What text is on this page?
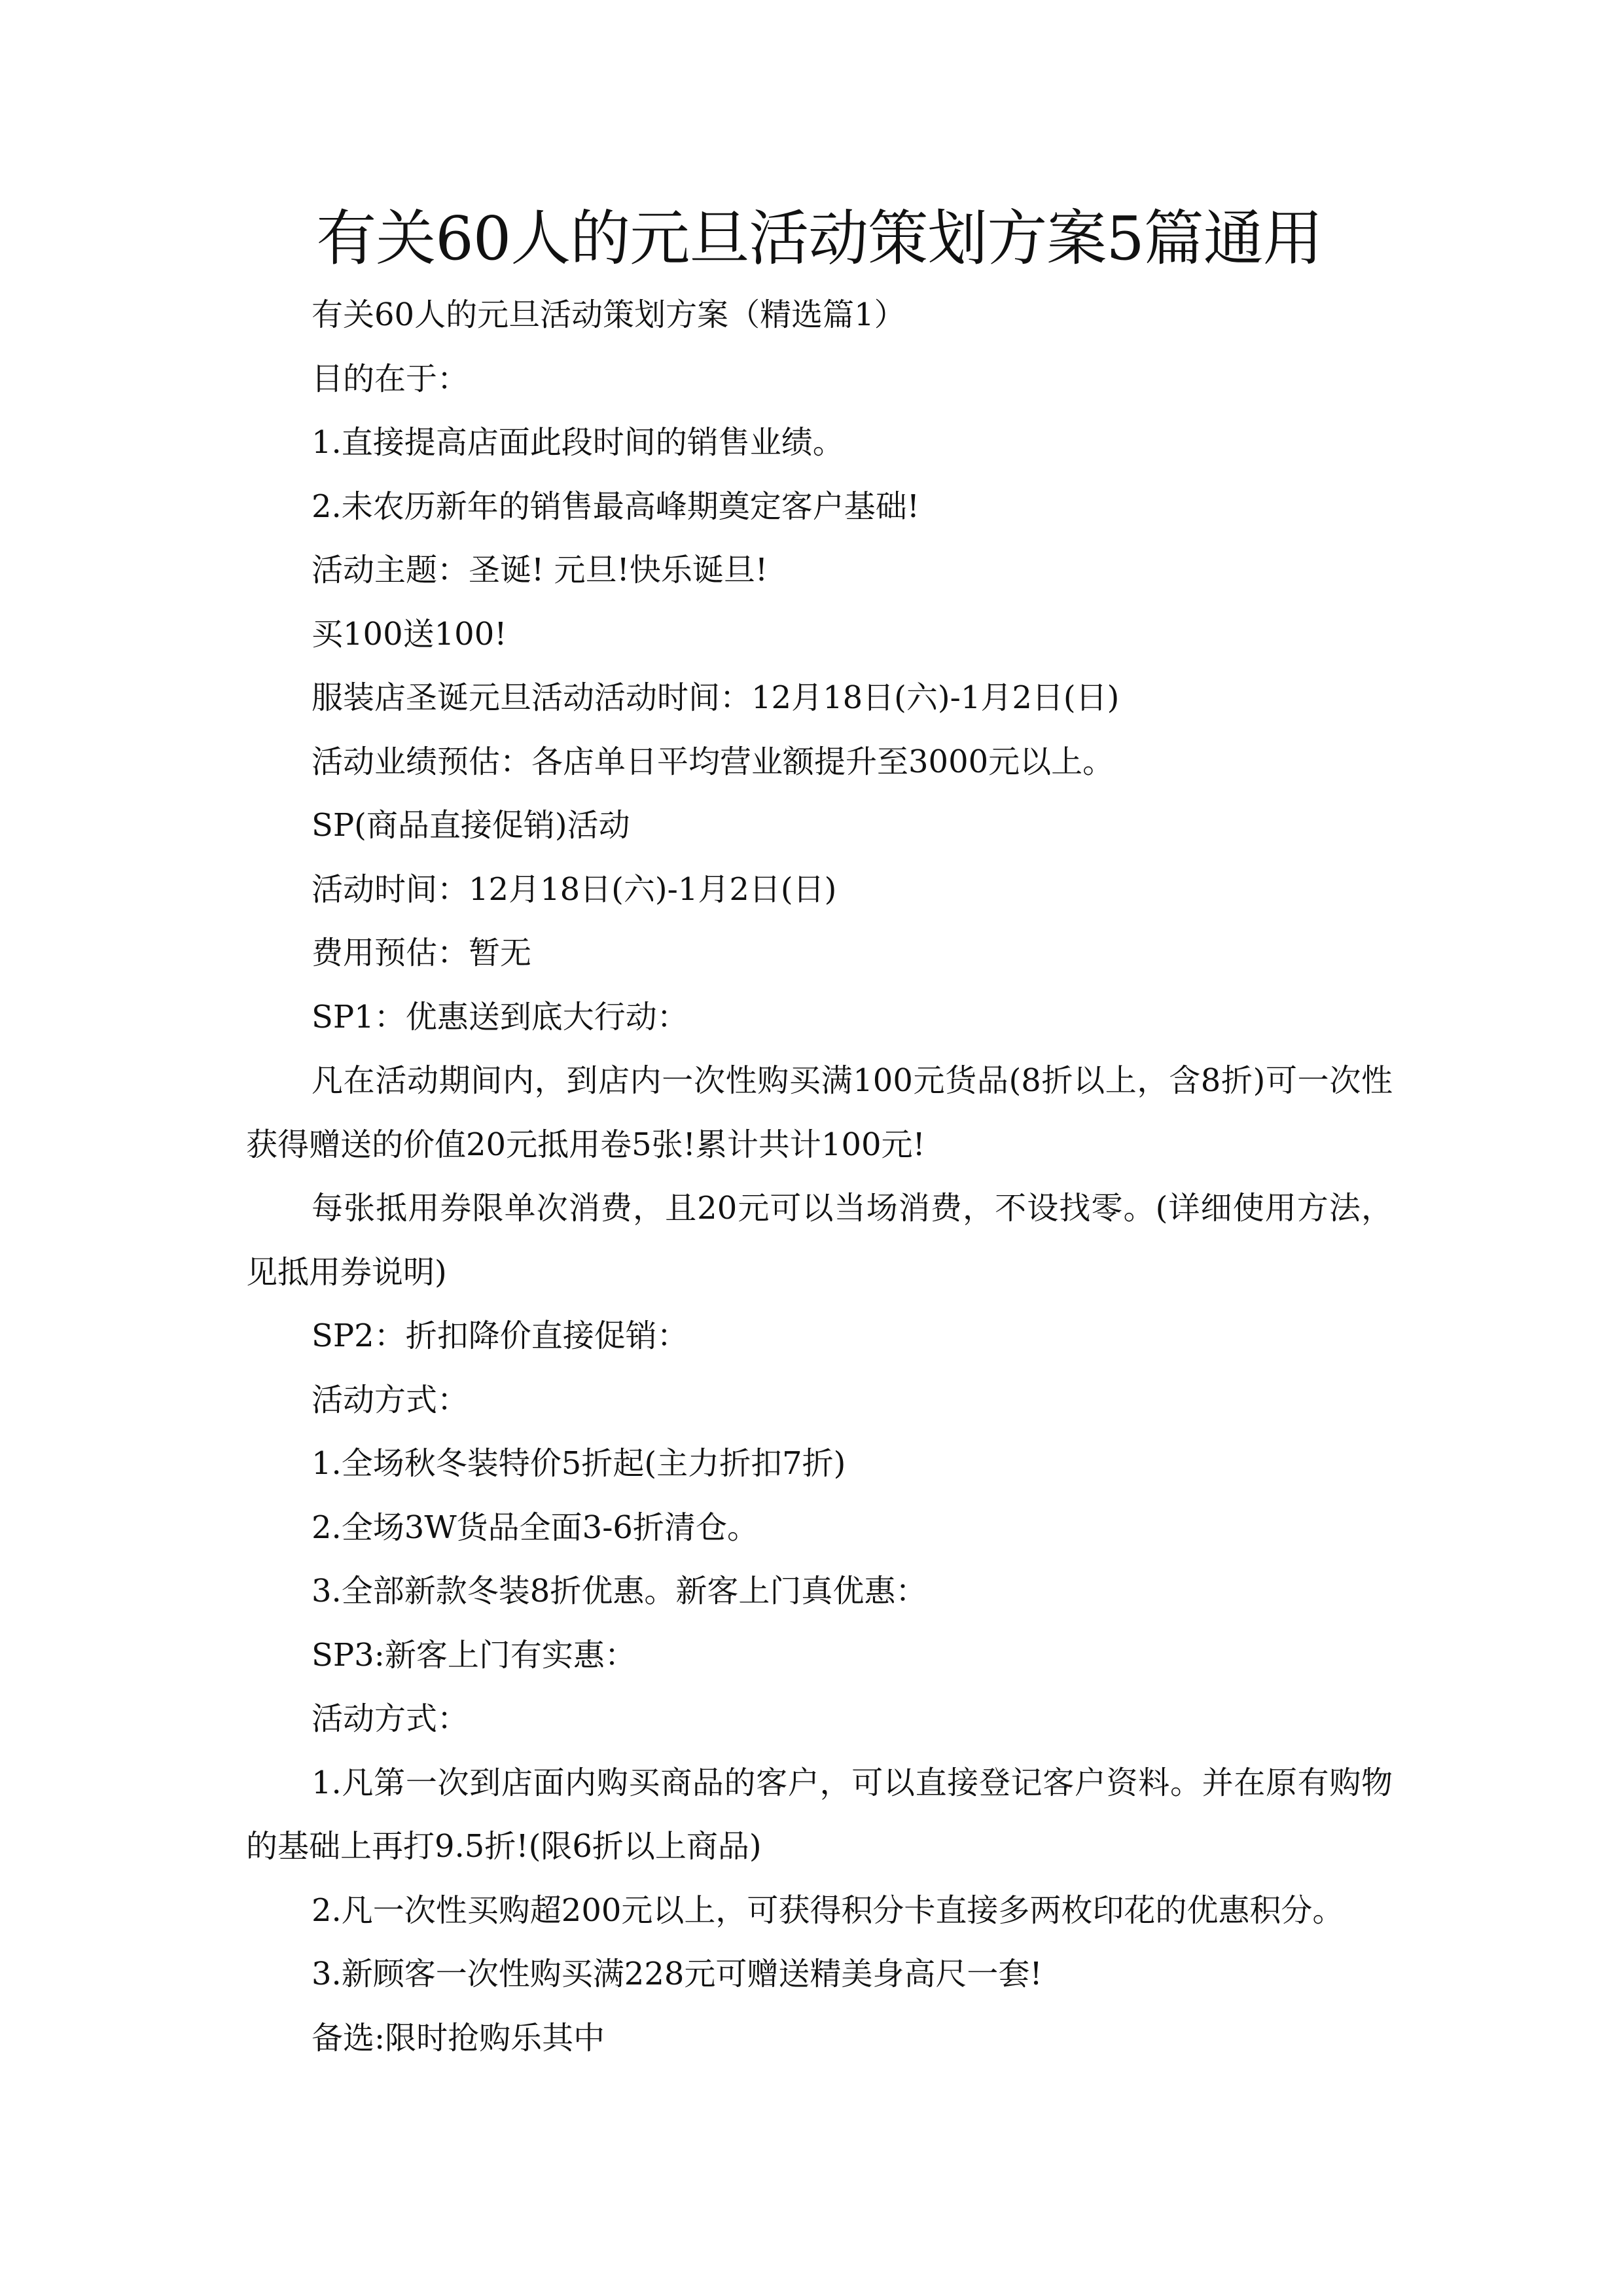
有关60人的元旦活动策划方案5篇通用

有关60人的元旦活动策划方案（精选篇1）

目的在于：

1.直接提高店面此段时间的销售业绩。

2.未农历新年的销售最高峰期奠定客户基础!

活动主题：圣诞! 元旦!快乐诞旦!

买100送100!

服装店圣诞元旦活动活动时间：12月18日(六)-1月2日(日)

活动业绩预估：各店单日平均营业额提升至3000元以上。

SP(商品直接促销)活动

活动时间：12月18日(六)-1月2日(日)

费用预估：暂无

SP1：优惠送到底大行动：

凡在活动期间内，到店内一次性购买满100元货品(8折以上，含8折)可一次性获得赠送的价值20元抵用卷5张!累计共计100元!

每张抵用券限单次消费，且20元可以当场消费，不设找零。(详细使用方法，见抵用券说明)

SP2：折扣降价直接促销：

活动方式：

1.全场秋冬装特价5折起(主力折扣7折)

2.全场3W货品全面3-6折清仓。

3.全部新款冬装8折优惠。新客上门真优惠：

SP3:新客上门有实惠：

活动方式：

1.凡第一次到店面内购买商品的客户，可以直接登记客户资料。并在原有购物的基础上再打9.5折!(限6折以上商品)

2.凡一次性买购超200元以上，可获得积分卡直接多两枚印花的优惠积分。

3.新顾客一次性购买满228元可赠送精美身高尺一套!

备选:限时抢购乐其中
